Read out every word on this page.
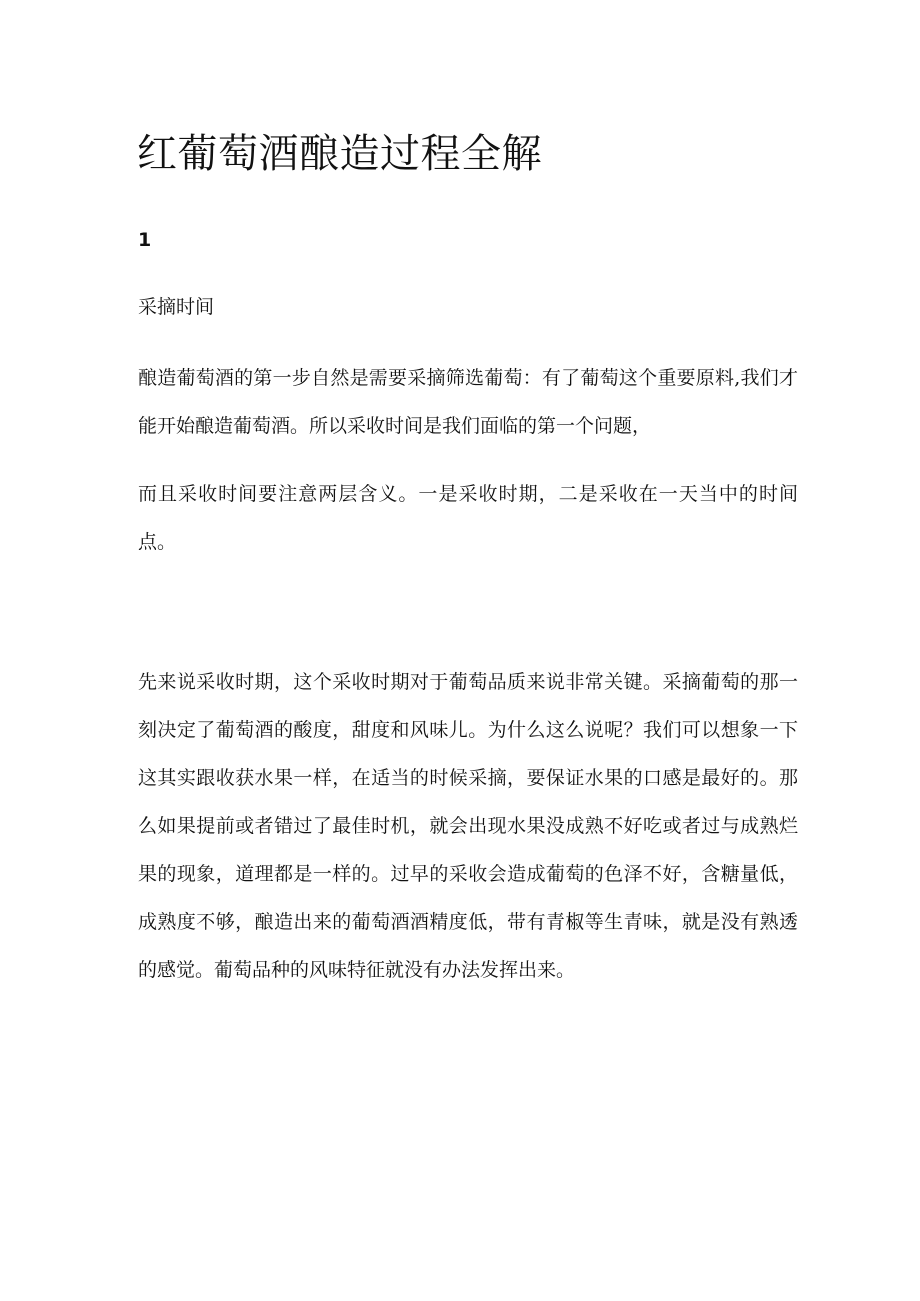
红葡萄酒酿造过程全解
1
采摘时间

酿造葡萄酒的第一步自然是需要采摘筛选葡萄：有了葡萄这个重要原料,我们才能开始酿造葡萄酒。所以采收时间是我们面临的第一个问题，

而且采收时间要注意两层含义。一是采收时期，二是采收在一天当中的时间点。

先来说采收时期，这个采收时期对于葡萄品质来说非常关键。采摘葡萄的那一刻决定了葡萄酒的酸度，甜度和风味儿。为什么这么说呢？我们可以想象一下这其实跟收获水果一样，在适当的时候采摘，要保证水果的口感是最好的。那么如果提前或者错过了最佳时机，就会出现水果没成熟不好吃或者过与成熟烂果的现象，道理都是一样的。过早的采收会造成葡萄的色泽不好，含糖量低，成熟度不够，酿造出来的葡萄酒酒精度低，带有青椒等生青味，就是没有熟透的感觉。葡萄品种的风味特征就没有办法发挥出来。
